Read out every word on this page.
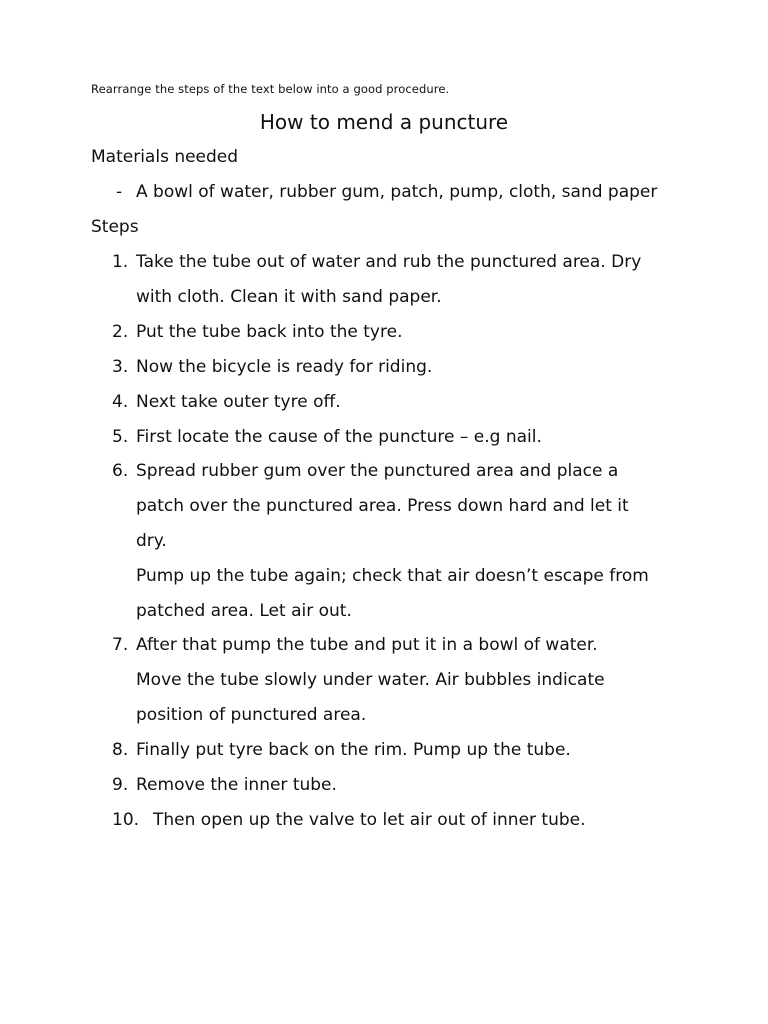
Rearrange the steps of the text below into a good procedure.
How to mend a puncture
Materials needed
- A bowl of water, rubber gum, patch, pump, cloth, sand paper
Steps
1. Take the tube out of water and rub the punctured area. Dry
with cloth. Clean it with sand paper.
2. Put the tube back into the tyre.
3. Now the bicycle is ready for riding.
4. Next take outer tyre off.
5. First locate the cause of the puncture – e.g nail.
6. Spread rubber gum over the punctured area and place a
patch over the punctured area. Press down hard and let it
dry.
Pump up the tube again; check that air doesn’t escape from
patched area. Let air out.
7. After that pump the tube and put it in a bowl of water.
Move the tube slowly under water. Air bubbles indicate
position of punctured area.
8. Finally put tyre back on the rim. Pump up the tube.
9. Remove the inner tube.
10. Then open up the valve to let air out of inner tube.
